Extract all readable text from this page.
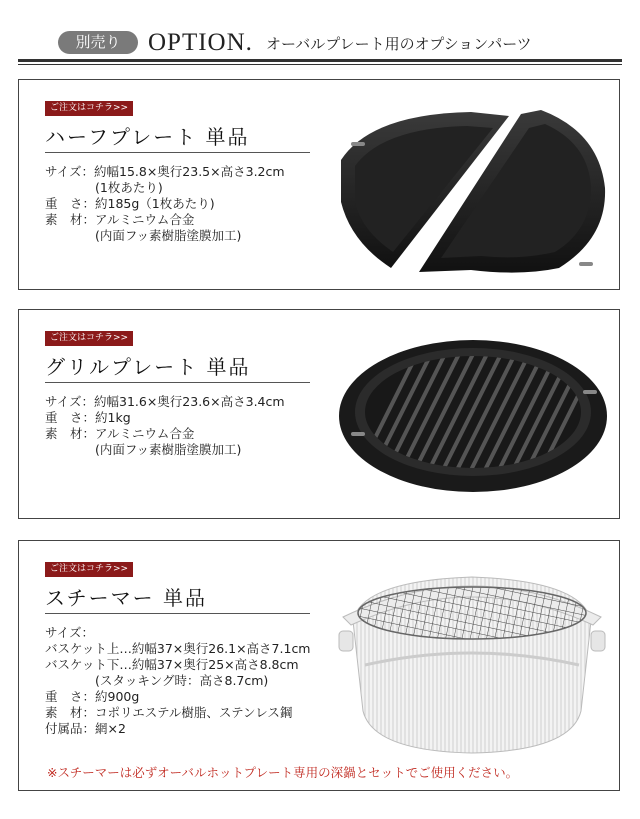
別売り	OPTION. オーバルプレート用のオプションパーツ
ご注文はコチラ>>
ハーフプレート 単品
サイズ：約幅15.8×奥行23.5×高さ3.2cm
(1枚あたり)
重　さ：約185g（1枚あたり)
素　材：アルミニウム合金
(内面フッ素樹脂塗膜加工)
ご注文はコチラ>>
グリルプレート 単品
サイズ：約幅31.6×奥行23.6×高さ3.4cm
重　さ：約1kg
素　材：アルミニウム合金
(内面フッ素樹脂塗膜加工)
ご注文はコチラ>>
スチーマー 単品
サイズ：
バスケット上…約幅37×奥行26.1×高さ7.1cm
バスケット下…約幅37×奥行25×高さ8.8cm
(スタッキング時：高さ8.7cm)
重　さ：約900g
素　材：コポリエステル樹脂、ステンレス鋼
付属品：網×2
※スチーマーは必ずオーバルホットプレート専用の深鍋とセットでご使用ください。
